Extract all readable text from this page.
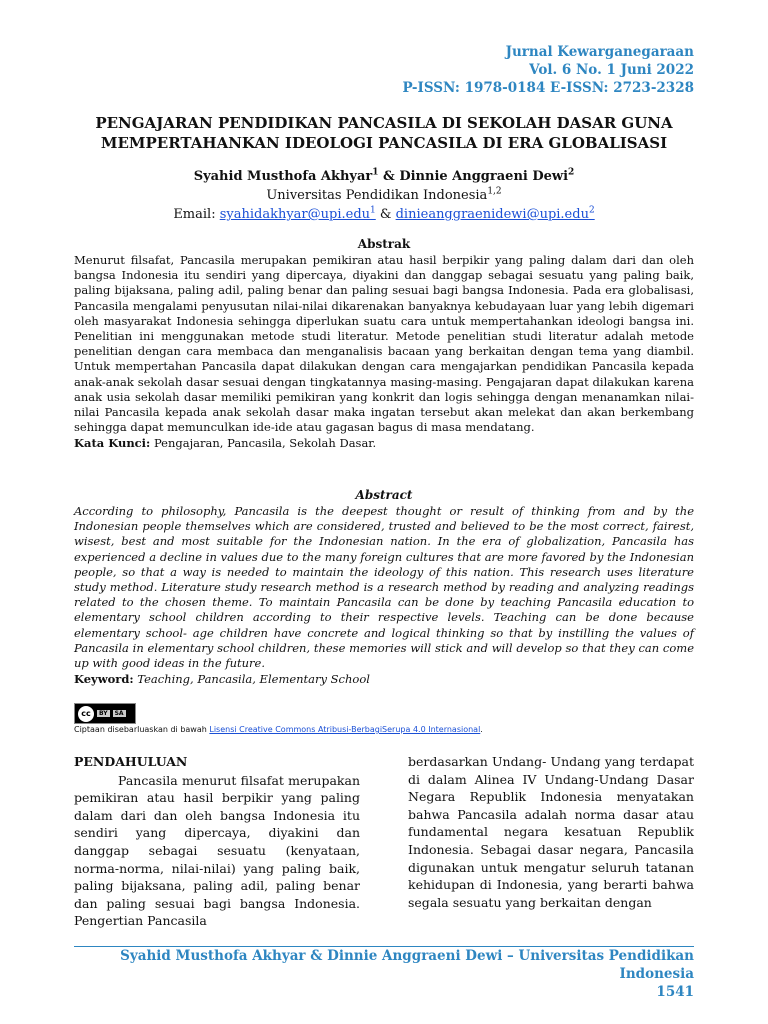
Jurnal Kewarganegaraan
Vol. 6 No. 1 Juni 2022
P-ISSN: 1978-0184 E-ISSN: 2723-2328
PENGAJARAN PENDIDIKAN PANCASILA DI SEKOLAH DASAR GUNA
MEMPERTAHANKAN IDEOLOGI PANCASILA DI ERA GLOBALISASI
Syahid Musthofa Akhyar$^1$ & Dinnie Anggraeni Dewi$^2$
Universitas Pendidikan Indonesia$^{1,2}$
Email: syahidakhyar@upi.edu$^1$ & dinieanggraenidewi@upi.edu$^2$
Abstrak
Menurut filsafat, Pancasila merupakan pemikiran atau hasil berpikir yang paling dalam dari dan oleh bangsa Indonesia itu sendiri yang dipercaya, diyakini dan danggap sebagai sesuatu yang paling baik, paling bijaksana, paling adil, paling benar dan paling sesuai bagi bangsa Indonesia. Pada era globalisasi, Pancasila mengalami penyusutan nilai-nilai dikarenakan banyaknya kebudayaan luar yang lebih digemari oleh masyarakat Indonesia sehingga diperlukan suatu cara untuk mempertahankan ideologi bangsa ini. Penelitian ini menggunakan metode studi literatur. Metode penelitian studi literatur adalah metode penelitian dengan cara membaca dan menganalisis bacaan yang berkaitan dengan tema yang diambil. Untuk mempertahan Pancasila dapat dilakukan dengan cara mengajarkan pendidikan Pancasila kepada anak-anak sekolah dasar sesuai dengan tingkatannya masing-masing. Pengajaran dapat dilakukan karena anak usia sekolah dasar memiliki pemikiran yang konkrit dan logis sehingga dengan menanamkan nilai-nilai Pancasila kepada anak sekolah dasar maka ingatan tersebut akan melekat dan akan berkembang sehingga dapat memunculkan ide-ide atau gagasan bagus di masa mendatang.
Kata Kunci: Pengajaran, Pancasila, Sekolah Dasar.
Abstract
According to philosophy, Pancasila is the deepest thought or result of thinking from and by the Indonesian people themselves which are considered, trusted and believed to be the most correct, fairest, wisest, best and most suitable for the Indonesian nation. In the era of globalization, Pancasila has experienced a decline in values due to the many foreign cultures that are more favored by the Indonesian people, so that a way is needed to maintain the ideology of this nation. This research uses literature study method. Literature study research method is a research method by reading and analyzing readings related to the chosen theme. To maintain Pancasila can be done by teaching Pancasila education to elementary school children according to their respective levels. Teaching can be done because elementary school- age children have concrete and logical thinking so that by instilling the values of Pancasila in elementary school children, these memories will stick and will develop so that they can come up with good ideas in the future.
Keyword: Teaching, Pancasila, Elementary School
cc	BY	SA
Ciptaan disebarluaskan di bawah Lisensi Creative Commons Atribusi-BerbagiSerupa 4.0 Internasional.
PENDAHULUAN
Pancasila menurut filsafat merupakan pemikiran atau hasil berpikir yang paling dalam dari dan oleh bangsa Indonesia itu sendiri yang dipercaya, diyakini dan danggap sebagai sesuatu (kenyataan, norma-norma, nilai-nilai) yang paling baik, paling bijaksana, paling adil, paling benar dan paling sesuai bagi bangsa Indonesia. Pengertian Pancasila
berdasarkan Undang- Undang yang terdapat di dalam Alinea IV Undang-Undang Dasar Negara Republik Indonesia menyatakan bahwa Pancasila adalah norma dasar atau fundamental negara kesatuan Republik Indonesia. Sebagai dasar negara, Pancasila digunakan untuk mengatur seluruh tatanan kehidupan di Indonesia, yang berarti bahwa segala sesuatu yang berkaitan dengan
Syahid Musthofa Akhyar & Dinnie Anggraeni Dewi – Universitas Pendidikan Indonesia
1541
